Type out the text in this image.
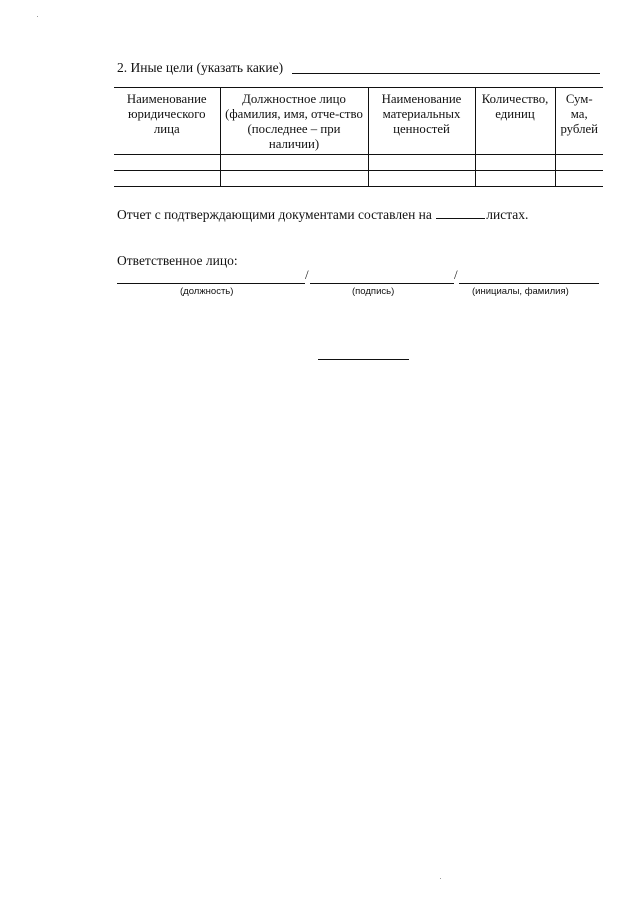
2. Иные цели (указать какие)
Наименование юридического лица	Должностное лицо (фамилия, имя, отче-ство (последнее – при наличии)	Наименование материальных ценностей	Количество, единиц	Сум-ма, рублей

Отчет с подтверждающими документами составлен на	листах.
Ответственное лицо:
/	/
(должность)	(подпись)	(инициалы, фамилия)
